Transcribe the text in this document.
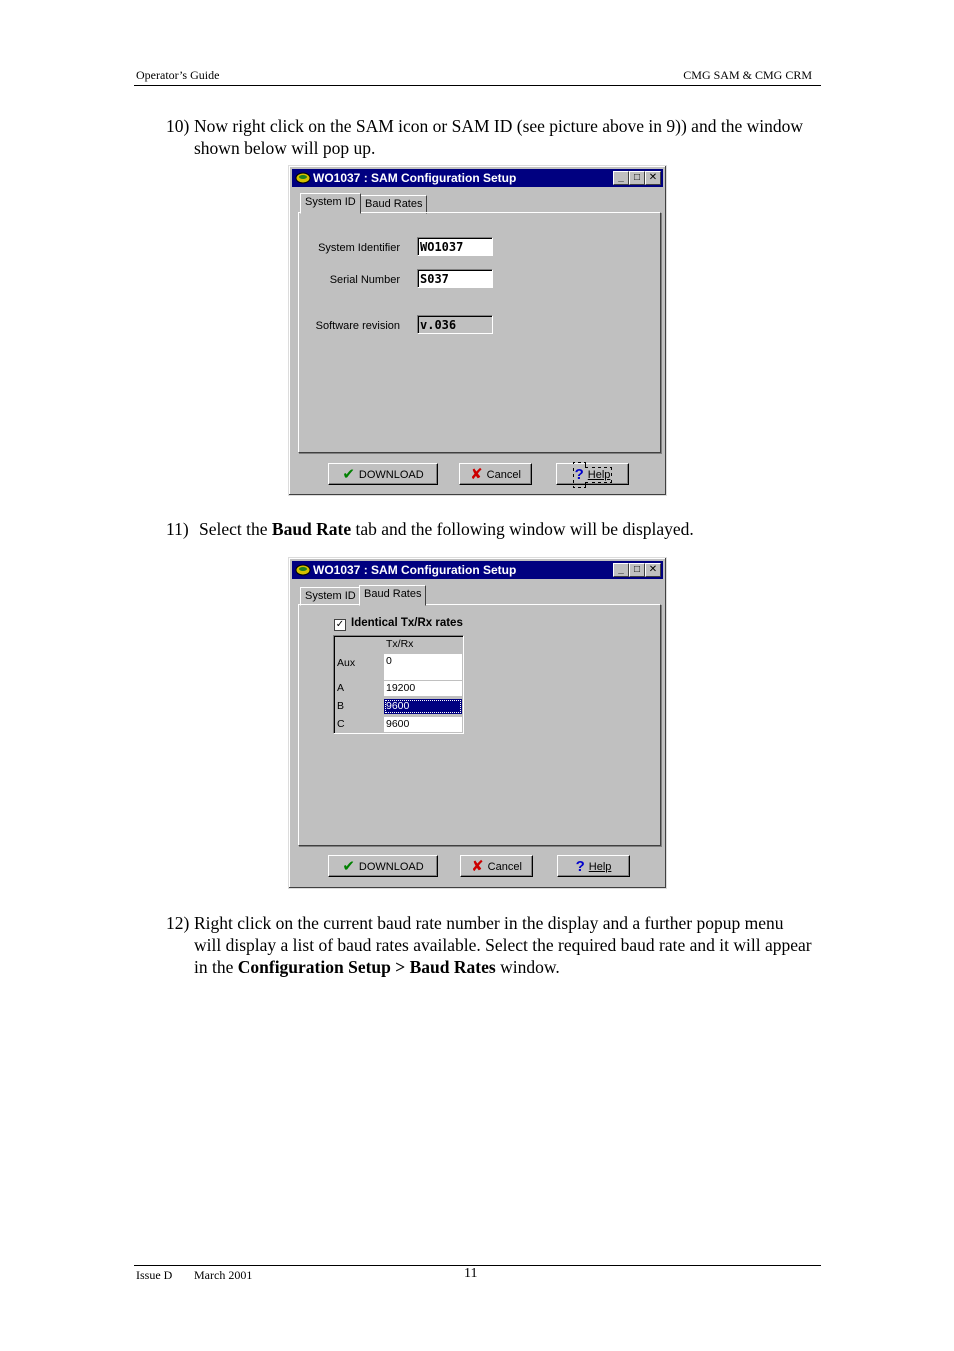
Operator’s Guide	CMG SAM & CMG CRM
10) Now right click on the SAM icon or SAM ID (see picture above in 9)) and the window shown below will pop up.
WO1037 : SAM Configuration Setup	_	□ ✕
System ID Baud Rates
System Identifier WO1037
Serial Number S037
Software revision v.036
✔ DOWNLOAD	✘ Cancel	? Help
11) Select the Baud Rate tab and the following window will be displayed.
WO1037 : SAM Configuration Setup	_	□ ✕
System ID Baud Rates
✓ Identical Tx/Rx rates
Tx/Rx
Aux	0
A	19200
B	9600
C	9600
✔ DOWNLOAD	✘ Cancel	? Help
12) Right click on the current baud rate number in the display and a further popup menu will display a list of baud rates available. Select the required baud rate and it will appear in the Configuration Setup > Baud Rates window.
Issue D March 2001	11
